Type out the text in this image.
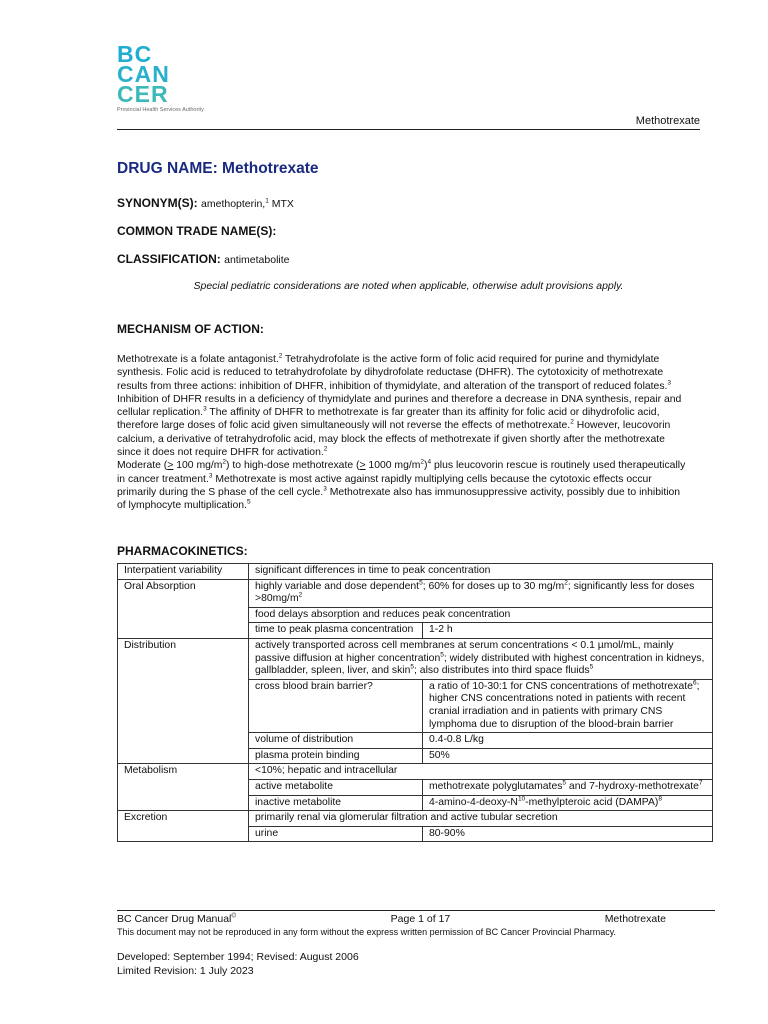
BC
CAN
CER
Provincial Health Services Authority
Methotrexate
DRUG NAME: Methotrexate
SYNONYM(S): amethopterin,$^1$ MTX
COMMON TRADE NAME(S):
CLASSIFICATION: antimetabolite
Special pediatric considerations are noted when applicable, otherwise adult provisions apply.
MECHANISM OF ACTION:

Methotrexate is a folate antagonist.$^2$ Tetrahydrofolate is the active form of folic acid required for purine and thymidylate synthesis. Folic acid is reduced to tetrahydrofolate by dihydrofolate reductase (DHFR). The cytotoxicity of methotrexate results from three actions: inhibition of DHFR, inhibition of thymidylate, and alteration of the transport of reduced folates.$^3$ Inhibition of DHFR results in a deficiency of thymidylate and purines and therefore a decrease in DNA synthesis, repair and cellular replication.$^3$ The affinity of DHFR to methotrexate is far greater than its affinity for folic acid or dihydrofolic acid, therefore large doses of folic acid given simultaneously will not reverse the effects of methotrexate.$^2$ However, leucovorin calcium, a derivative of tetrahydrofolic acid, may block the effects of methotrexate if given shortly after the methotrexate since it does not require DHFR for activation.$^2$

Moderate (> 100 $mg/m^2$) to high-dose methotrexate (> 1000 $mg/m^2)^4$ plus leucovorin rescue is routinely used therapeutically in cancer treatment.$^3$ Methotrexate is most active against rapidly multiplying cells because the cytotoxic effects occur primarily during the S phase of the cell cycle.$^3$ Methotrexate also has immunosuppressive activity, possibly due to inhibition of lymphocyte multiplication.$^5$

PHARMACOKINETICS:
Interpatient variability	significant differences in time to peak concentration	
Oral Absorption	highly variable and dose dependent$^5$; 60% for doses up to 30 $mg/m^2$; significantly less for doses $>80mg/m^2$
	food delays absorption and reduces peak concentration	
	time to peak plasma concentration	1-2 h
Distribution	actively transported across cell membranes at serum concentrations < 0.1 µmol/mL, mainly passive diffusion at higher concentration$^5$; widely distributed with highest concentration in kidneys, gallbladder, spleen, liver, and skin$^5$; also distributes into third space fluids$^5$
	cross blood brain barrier?	a ratio of 10-30:1 for CNS concentrations of methotrexate$^6$; higher CNS concentrations noted in patients with recent cranial irradiation and in patients with primary CNS lymphoma due to disruption of the blood-brain barrier
	volume of distribution	0.4-0.8 L/kg
	plasma protein binding	50%
Metabolism	<10%; hepatic and intracellular	
	active metabolite	methotrexate polyglutamates$^5$ and 7-hydroxy-methotrexate$^7$
	inactive metabolite	$4-amino-4-deoxy-N^{10}$-methylpteroic acid (DAMPA)$^8$
Excretion	primarily renal via glomerular filtration and active tubular secretion	
	urine	80-90%
BC Cancer Drug Manual©	Page 1 of 17	Methotrexate
This document may not be reproduced in any form without the express written permission of BC Cancer Provincial Pharmacy.
Developed: September 1994; Revised: August 2006
Limited Revision: 1 July 2023
